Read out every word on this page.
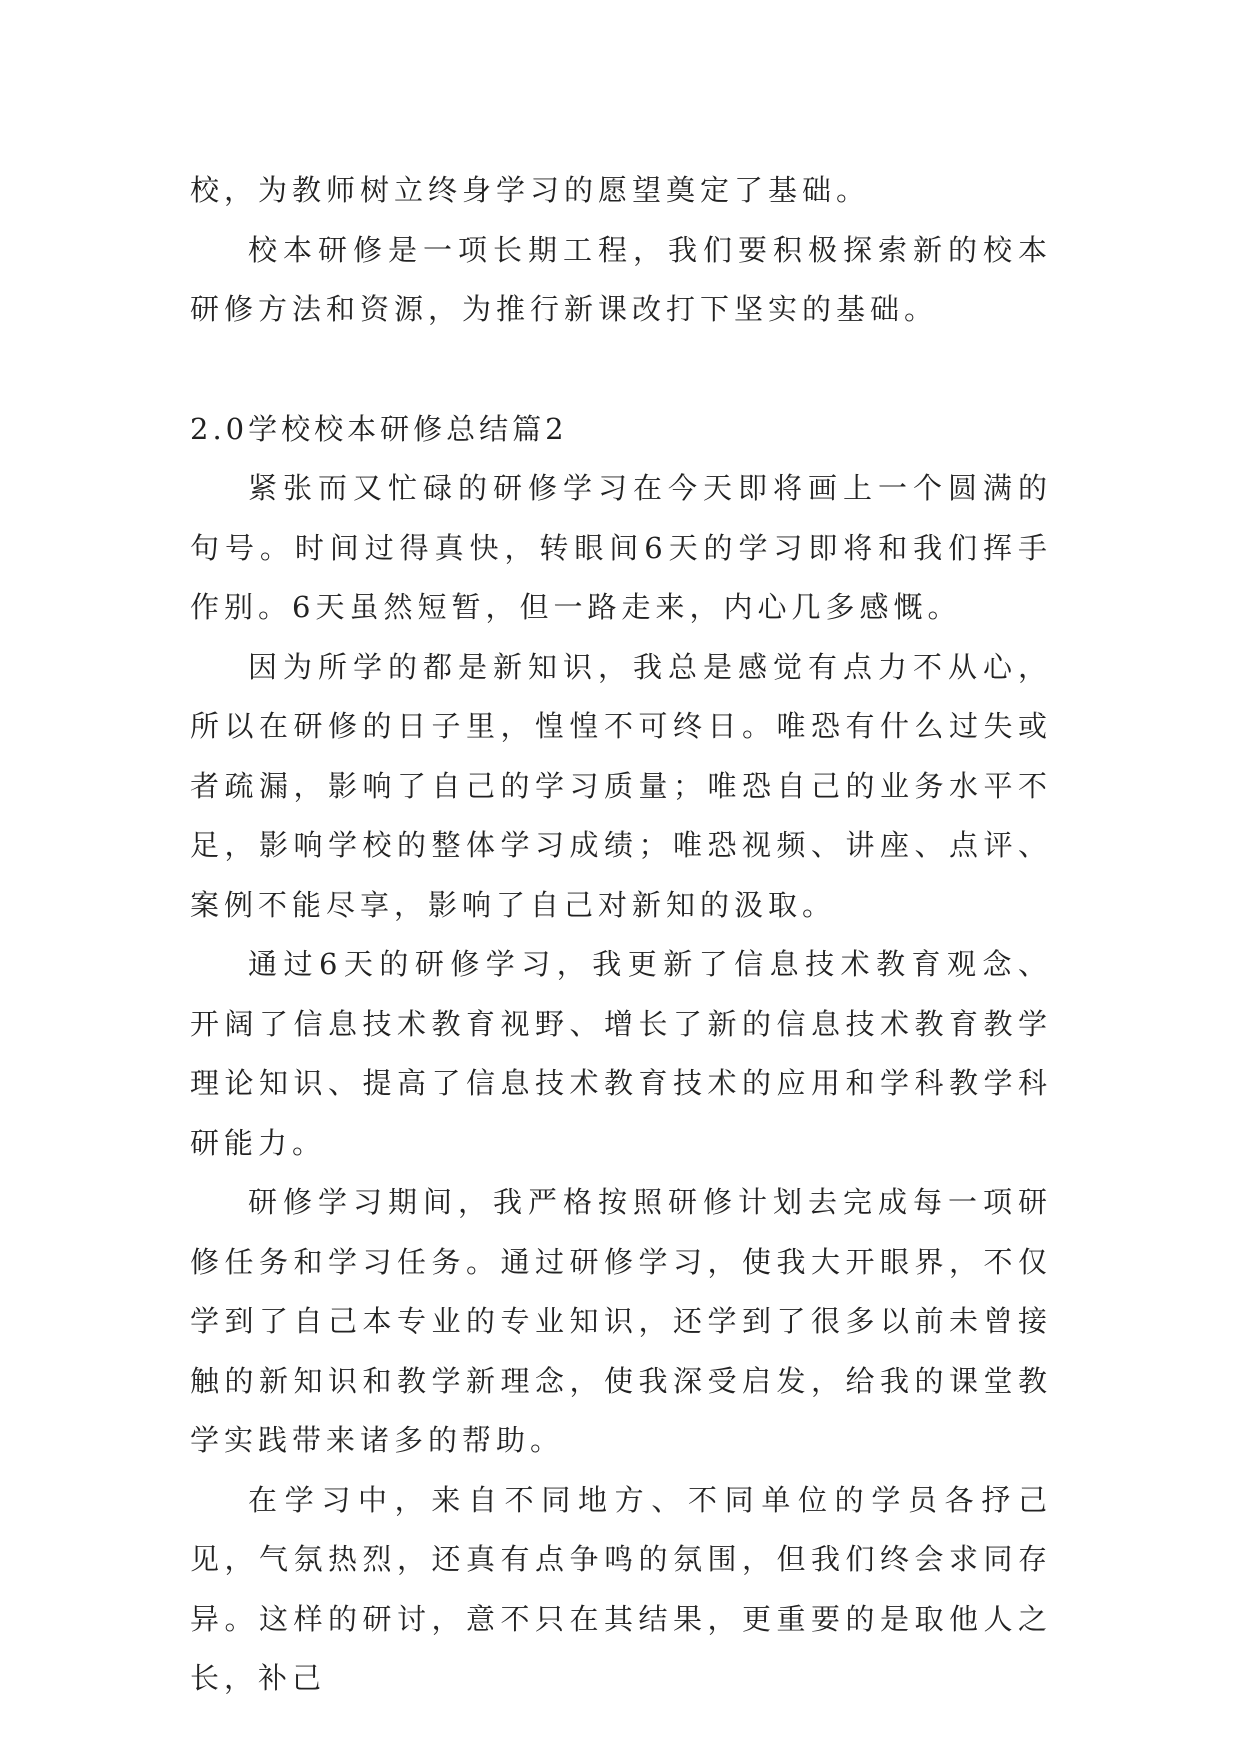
校，为教师树立终身学习的愿望奠定了基础。

校本研修是一项长期工程，我们要积极探索新的校本研修方法和资源，为推行新课改打下坚实的基础。

2.0学校校本研修总结篇2

紧张而又忙碌的研修学习在今天即将画上一个圆满的句号。时间过得真快，转眼间6天的学习即将和我们挥手作别。6天虽然短暂，但一路走来，内心几多感慨。

因为所学的都是新知识，我总是感觉有点力不从心，所以在研修的日子里，惶惶不可终日。唯恐有什么过失或者疏漏，影响了自己的学习质量；唯恐自己的业务水平不足，影响学校的整体学习成绩；唯恐视频、讲座、点评、案例不能尽享，影响了自己对新知的汲取。

通过6天的研修学习，我更新了信息技术教育观念、开阔了信息技术教育视野、增长了新的信息技术教育教学理论知识、提高了信息技术教育技术的应用和学科教学科研能力。

研修学习期间，我严格按照研修计划去完成每一项研修任务和学习任务。通过研修学习，使我大开眼界，不仅学到了自己本专业的专业知识，还学到了很多以前未曾接触的新知识和教学新理念，使我深受启发，给我的课堂教学实践带来诸多的帮助。

在学习中，来自不同地方、不同单位的学员各抒己见，气氛热烈，还真有点争鸣的氛围，但我们终会求同存异。这样的研讨，意不只在其结果，更重要的是取他人之长，补己
